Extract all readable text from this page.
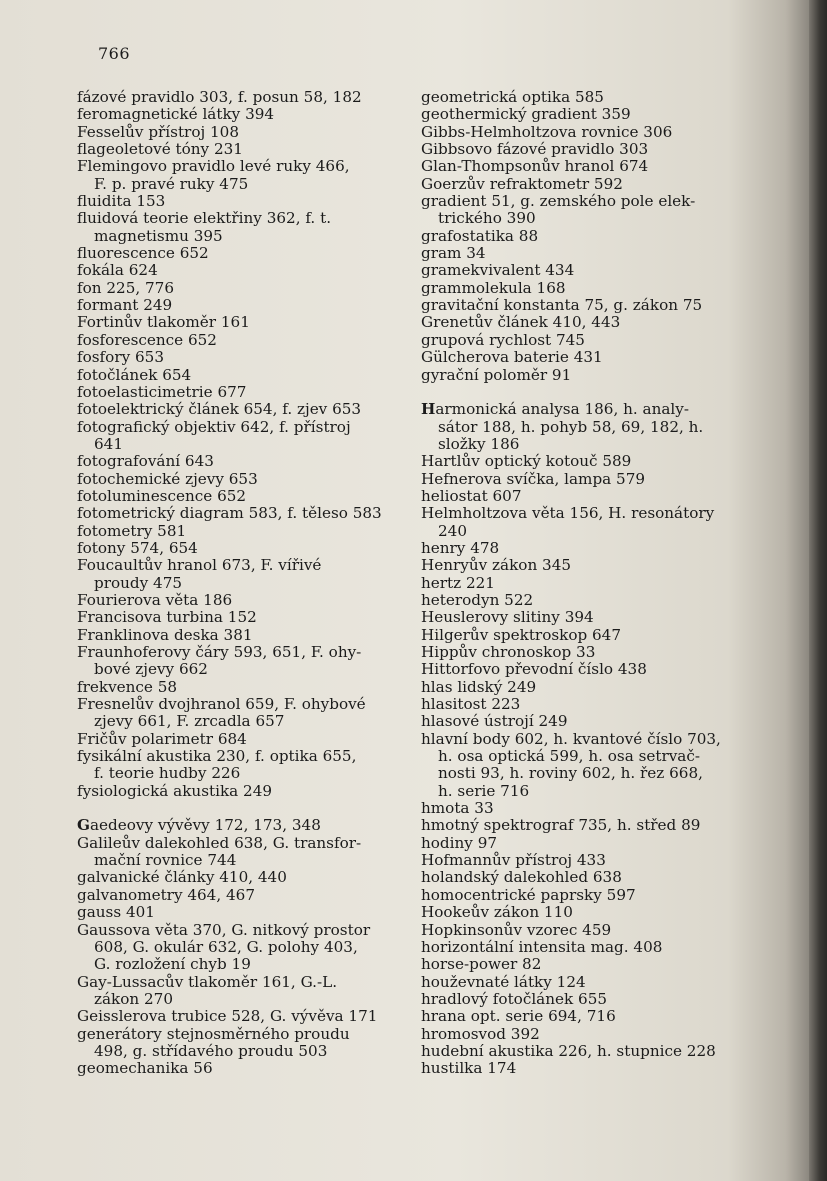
766
fázové pravidlo 303, f. posun 58, 182
feromagnetické látky 394
Fesselův přístroj 108
flageoletové tóny 231
Flemingovo pravidlo levé ruky 466,
F. p. pravé ruky 475
fluidita 153
fluidová teorie elektřiny 362, f. t.
magnetismu 395
fluorescence 652
fokála 624
fon 225, 776
formant 249
Fortinův tlakoměr 161
fosforescence 652
fosfory 653
fotočlánek 654
fotoelasticimetrie 677
fotoelektrický článek 654, f. zjev 653
fotografický objektiv 642, f. přístroj
641
fotografování 643
fotochemické zjevy 653
fotoluminescence 652
fotometrický diagram 583, f. těleso 583
fotometry 581
fotony 574, 654
Foucaultův hranol 673, F. vířivé
proudy 475
Fourierova věta 186
Francisova turbina 152
Franklinova deska 381
Fraunhoferovy čáry 593, 651, F. ohy-
bové zjevy 662
frekvence 58
Fresnelův dvojhranol 659, F. ohybové
zjevy 661, F. zrcadla 657
Fričův polarimetr 684
fysikální akustika 230, f. optika 655,
f. teorie hudby 226
fysiologická akustika 249
Gaedeovy vývěvy 172, 173, 348
Galileův dalekohled 638, G. transfor-
mační rovnice 744
galvanické články 410, 440
galvanometry 464, 467
gauss 401
Gaussova věta 370, G. nitkový prostor
608, G. okulár 632, G. polohy 403,
G. rozložení chyb 19
Gay-Lussacův tlakoměr 161, G.-L.
zákon 270
Geisslerova trubice 528, G. vývěva 171
generátory stejnosměrného proudu
498, g. střídavého proudu 503
geomechanika 56
geometrická optika 585
geothermický gradient 359
Gibbs-Helmholtzova rovnice 306
Gibbsovo fázové pravidlo 303
Glan-Thompsonův hranol 674
Goerzův refraktometr 592
gradient 51, g. zemského pole elek-
trického 390
grafostatika 88
gram 34
gramekvivalent 434
grammolekula 168
gravitační konstanta 75, g. zákon 75
Grenetův článek 410, 443
grupová rychlost 745
Gülcherova baterie 431
gyrační poloměr 91
Harmonická analysa 186, h. analy-
sátor 188, h. pohyb 58, 69, 182, h.
složky 186
Hartlův optický kotouč 589
Hefnerova svíčka, lampa 579
heliostat 607
Helmholtzova věta 156, H. resonátory
240
henry 478
Henryův zákon 345
hertz 221
heterodyn 522
Heuslerovy slitiny 394
Hilgerův spektroskop 647
Hippův chronoskop 33
Hittorfovo převodní číslo 438
hlas lidský 249
hlasitost 223
hlasové ústrojí 249
hlavní body 602, h. kvantové číslo 703,
h. osa optická 599, h. osa setrvač-
nosti 93, h. roviny 602, h. řez 668,
h. serie 716
hmota 33
hmotný spektrograf 735, h. střed 89
hodiny 97
Hofmannův přístroj 433
holandský dalekohled 638
homocentrické paprsky 597
Hookeův zákon 110
Hopkinsonův vzorec 459
horizontální intensita mag. 408
horse-power 82
houževnaté látky 124
hradlový fotočlánek 655
hrana opt. serie 694, 716
hromosvod 392
hudební akustika 226, h. stupnice 228
hustilka 174
